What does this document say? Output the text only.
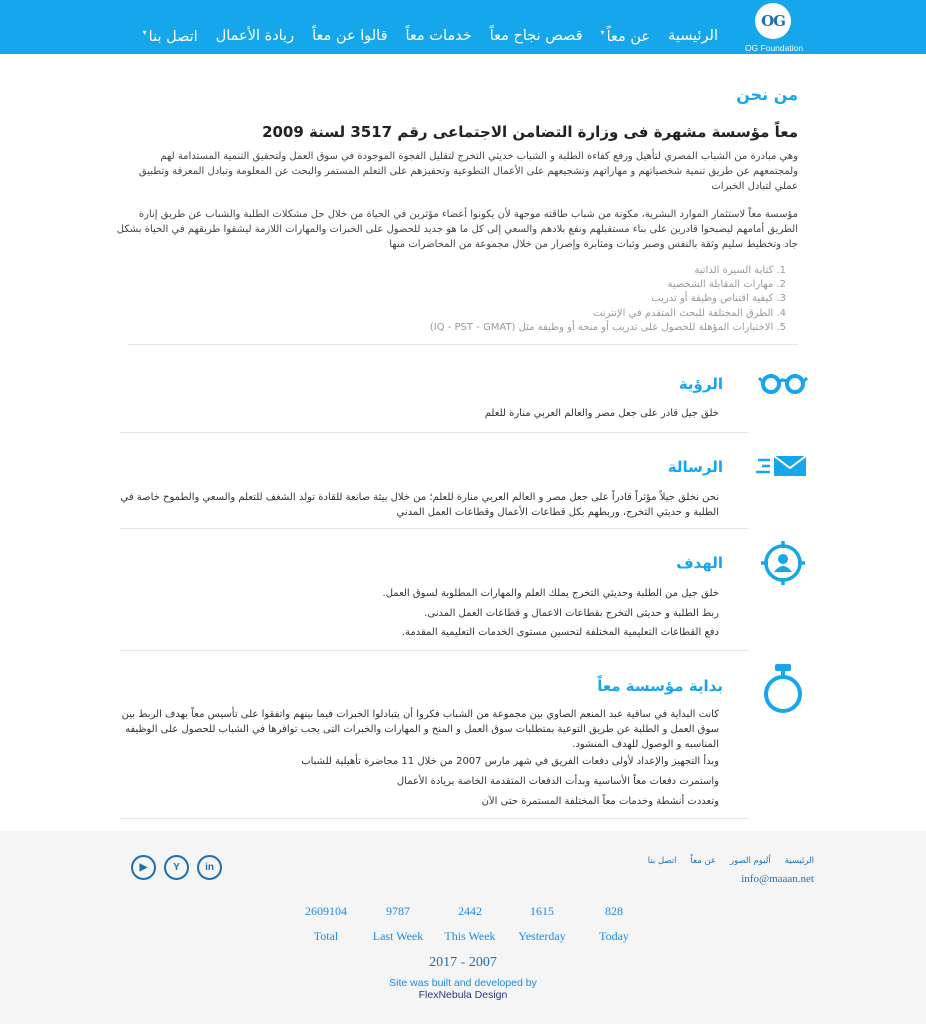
OG
OG Foundation
الرئيسية
عن معاً▾
قصص نجاح معاً
خدمات معاً
قالوا عن معاً
ريادة الأعمال
اتصل بنا▾
من نحن
معاً مؤسسة مشهرة فى وزارة التضامن الاجتماعى رقم 3517 لسنة 2009

وهي مبادرة من الشباب المصري لتأهيل ورفع كفاءة الطلبة و الشباب حديثي التخرج لتقليل الفجوة الموجودة في سوق العمل ولتحقيق التنمية المستدامة لهم ولمجتمعهم عن طريق تنمية شخصياتهم و مهاراتهم وتشجيعهم على الأعمال التطوعية وتحفيزهم على التعلم المستمر والبحث عن المعلومة وتبادل المعرفة وتطبيق عملي لتبادل الخبرات

مؤسسة معاً لاستثمار الموارد البشرية، مكونة من شباب طاقته موجهة لأن يكونوا أعضاء مؤثرين في الحياة من خلال حل مشكلات الطلبة والشباب عن طريق إنارة الطريق أمامهم ليصبحوا قادرين على بناء مستقبلهم ونفع بلادهم والسعي إلى كل ما هو جديد للحصول على الخبرات والمهارات اللازمة ليشقوا طريقهم في الحياة بشكل جاد وتخطيط سليم وثقة بالنفس وصبر وثبات ومثابرة وإصرار من خلال مجموعة من المحاضرات منها

1. كتابة السيرة الذاتية
2. مهارات المقابلة الشخصية
3. كيفية اقتناص وظيفة أو تدريب
4. الطرق المختلفة للبحث المتقدم في الإنترنت
5. الاختبارات المؤهلة للحصول على تدريب أو منحة أو وظيفة مثل (IQ - PST - GMAT)
الرؤية

خلق جيل قادر على جعل مصر والعالم العربي منارة للعلم

الرسالة

نحن نخلق جيلاً مؤثراً قادراً على جعل مصر و العالم العربي منارة للعلم؛ من خلال بيئة صانعة للقادة تولد الشغف للتعلم والسعي والطموح خاصة في الطلبة و حديثي التخرج، وربطهم بكل قطاعات الأعمال وقطاعات العمل المدني

الهدف

خلق جيل من الطلبة وحديثي التخرج يملك العلم والمهارات المطلوبة لسوق العمل.

ربط الطلبة و حديثى التخرج بقطاعات الاعمال و قطاعات العمل المدنى.

دفع القطاعات التعليمية المختلفة لتحسين مستوى الخدمات التعليمية المقدمة.

بداية مؤسسة معاً

كانت البداية في ساقية عبد المنعم الصاوي بين مجموعة من الشباب فكروا أن يتبادلوا الخبرات فيما بينهم واتفقوا على تأسيس معاً بهدف الربط بين سوق العمل و الطلبة عن طريق التوعية بمتطلبات سوق العمل و المنح و المهارات والخبرات التى يجب توافرها في الشباب للحصول على الوظيفه المناسبه و الوصول للهدف المنشود.

وبدأ التجهيز والإعداد لأولى دفعات الفريق في شهر مارس 2007 من خلال 11 محاضرة تأهيلية للشباب

واستمرت دفعات معاً الأساسية وبدأت الدفعات المتقدمة الخاصة بريادة الأعمال

وتعددت أنشطة وخدمات معاً المختلفة المستمرة حتى الآن

الرئيسية
ألبوم الصور
عن معاً
اتصل بنا
info@maaan.net
in
Y
▶
2609104
Total
9787
Last Week
2442
This Week
1615
Yesterday
828
Today
2017 - 2007
Site was built and developed by
FlexNebula Design
